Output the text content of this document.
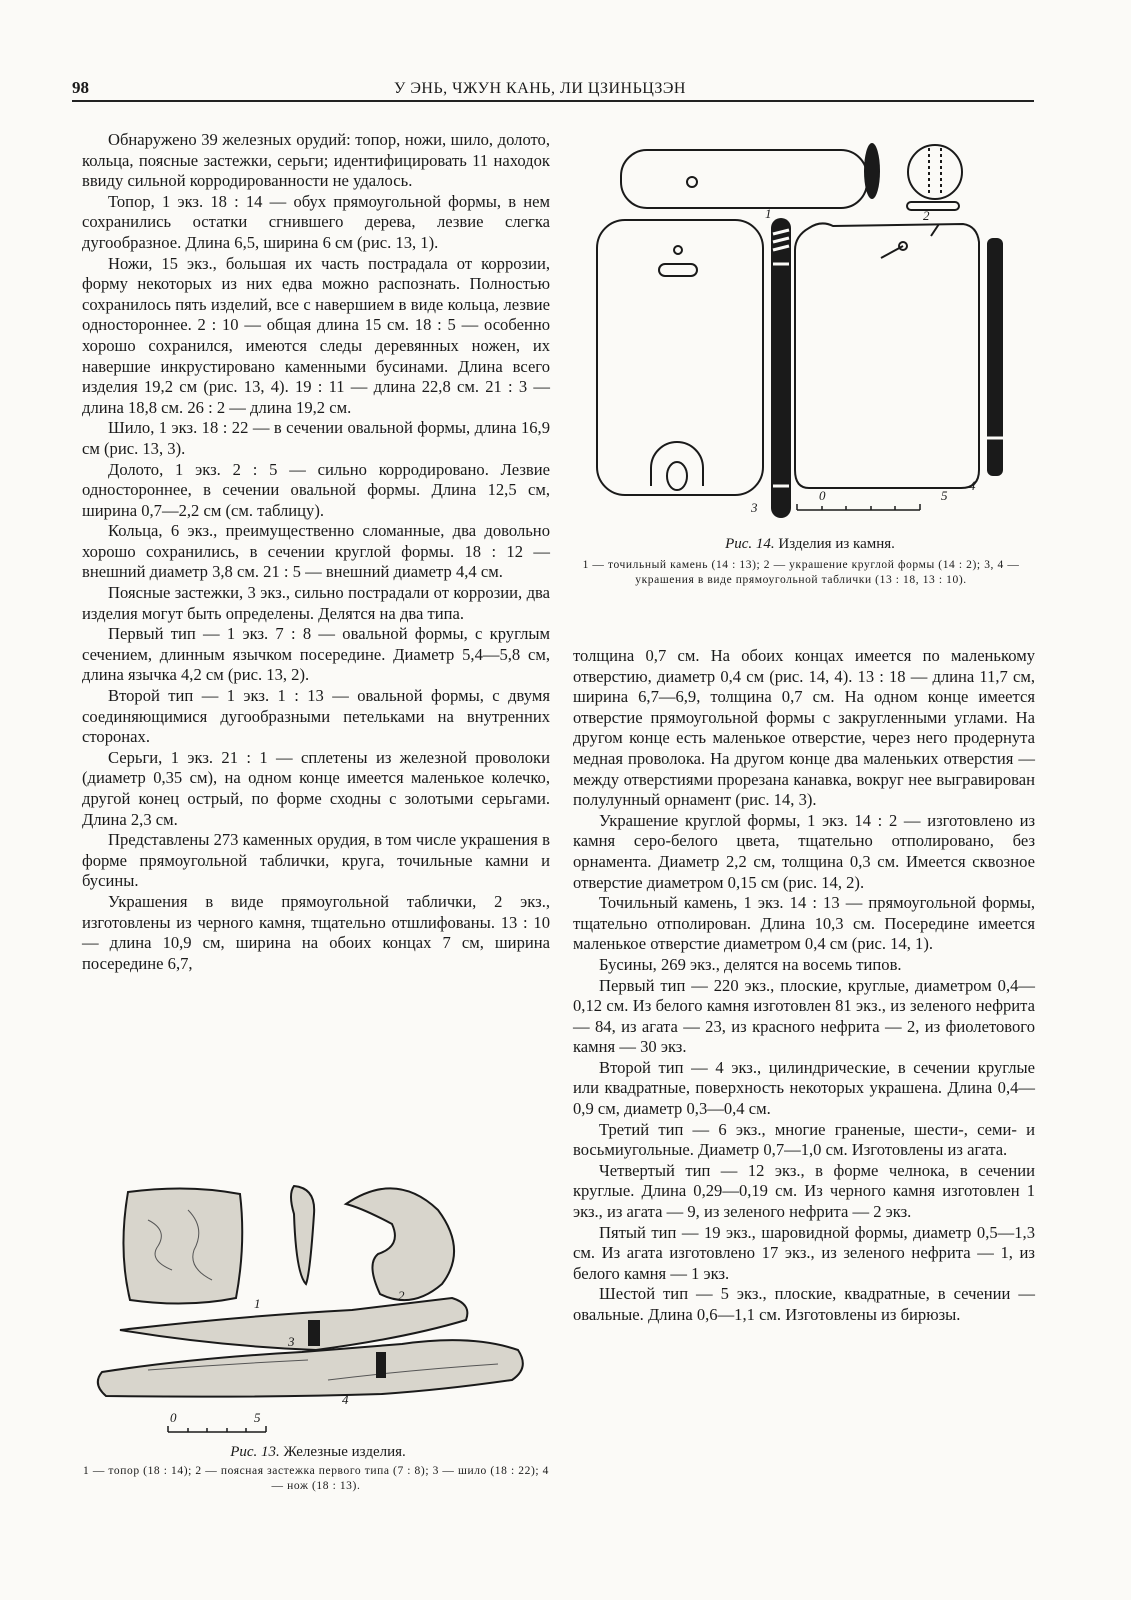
98	У ЭНЬ, ЧЖУН КАНЬ, ЛИ ЦЗИНЬЦЗЭН

Обнаружено 39 железных орудий: топор, ножи, шило, долото, кольца, поясные застежки, серьги; идентифицировать 11 находок ввиду сильной корродированности не удалось.

Топор, 1 экз. 18 : 14 — обух прямоугольной формы, в нем сохранились остатки сгнившего дерева, лезвие слегка дугообразное. Длина 6,5, ширина 6 см (рис. 13, 1).

Ножи, 15 экз., большая их часть пострадала от коррозии, форму некоторых из них едва можно распознать. Полностью сохранилось пять изделий, все с навершием в виде кольца, лезвие одностороннее. 2 : 10 — общая длина 15 см. 18 : 5 — особенно хорошо сохранился, имеются следы деревянных ножен, их навершие инкрустировано каменными бусинами. Длина всего изделия 19,2 см (рис. 13, 4). 19 : 11 — длина 22,8 см. 21 : 3 — длина 18,8 см. 26 : 2 — длина 19,2 см.

Шило, 1 экз. 18 : 22 — в сечении овальной формы, длина 16,9 см (рис. 13, 3).

Долото, 1 экз. 2 : 5 — сильно корродировано. Лезвие одностороннее, в сечении овальной формы. Длина 12,5 см, ширина 0,7—2,2 см (см. таблицу).

Кольца, 6 экз., преимущественно сломанные, два довольно хорошо сохранились, в сечении круглой формы. 18 : 12 — внешний диаметр 3,8 см. 21 : 5 — внешний диаметр 4,4 см.

Поясные застежки, 3 экз., сильно пострадали от коррозии, два изделия могут быть определены. Делятся на два типа.

Первый тип — 1 экз. 7 : 8 — овальной формы, с круглым сечением, длинным язычком посередине. Диаметр 5,4—5,8 см, длина язычка 4,2 см (рис. 13, 2).

Второй тип — 1 экз. 1 : 13 — овальной формы, с двумя соединяющимися дугообразными петельками на внутренних сторонах.

Серьги, 1 экз. 21 : 1 — сплетены из железной проволоки (диаметр 0,35 см), на одном конце имеется маленькое колечко, другой конец острый, по форме сходны с золотыми серьгами. Длина 2,3 см.

Представлены 273 каменных орудия, в том числе украшения в форме прямоугольной таблички, круга, точильные камни и бусины.

Украшения в виде прямоугольной таблички, 2 экз., изготовлены из черного камня, тщательно отшлифованы. 13 : 10 — длина 10,9 см, ширина на обоих концах 7 см, ширина посередине 6,7,

толщина 0,7 см. На обоих концах имеется по маленькому отверстию, диаметр 0,4 см (рис. 14, 4). 13 : 18 — длина 11,7 см, ширина 6,7—6,9, толщина 0,7 см. На одном конце имеется отверстие прямоугольной формы с закругленными углами. На другом конце есть маленькое отверстие, через него продернута медная проволока. На другом конце два маленьких отверстия — между отверстиями прорезана канавка, вокруг нее выгравирован полулунный орнамент (рис. 14, 3).

Украшение круглой формы, 1 экз. 14 : 2 — изготовлено из камня серо-белого цвета, тщательно отполировано, без орнамента. Диаметр 2,2 см, толщина 0,3 см. Имеется сквозное отверстие диаметром 0,15 см (рис. 14, 2).

Точильный камень, 1 экз. 14 : 13 — прямоугольной формы, тщательно отполирован. Длина 10,3 см. Посередине имеется маленькое отверстие диаметром 0,4 см (рис. 14, 1).

Бусины, 269 экз., делятся на восемь типов.

Первый тип — 220 экз., плоские, круглые, диаметром 0,4—0,12 см. Из белого камня изготовлен 81 экз., из зеленого нефрита — 84, из агата — 23, из красного нефрита — 2, из фиолетового камня — 30 экз.

Второй тип — 4 экз., цилиндрические, в сечении круглые или квадратные, поверхность некоторых украшена. Длина 0,4—0,9 см, диаметр 0,3—0,4 см.

Третий тип — 6 экз., многие граненые, шести-, семи- и восьмиугольные. Диаметр 0,7—1,0 см. Изготовлены из агата.

Четвертый тип — 12 экз., в форме челнока, в сечении круглые. Длина 0,29—0,19 см. Из черного камня изготовлен 1 экз., из агата — 9, из зеленого нефрита — 2 экз.

Пятый тип — 19 экз., шаровидной формы, диаметр 0,5—1,3 см. Из агата изготовлено 17 экз., из зеленого нефрита — 1, из белого камня — 1 экз.

Шестой тип — 5 экз., плоские, квадратные, в сечении — овальные. Длина 0,6—1,1 см. Изготовлены из бирюзы.

1	2
3
4
0	5
Рис. 14. Изделия из камня.
1 — точильный камень (14 : 13); 2 — украшение круглой формы (14 : 2); 3, 4 — украшения в виде прямоугольной таблички (13 : 18, 13 : 10).
1
2
3
4
0	5
Рис. 13. Железные изделия.
1 — топор (18 : 14); 2 — поясная застежка первого типа (7 : 8); 3 — шило (18 : 22); 4 — нож (18 : 13).
